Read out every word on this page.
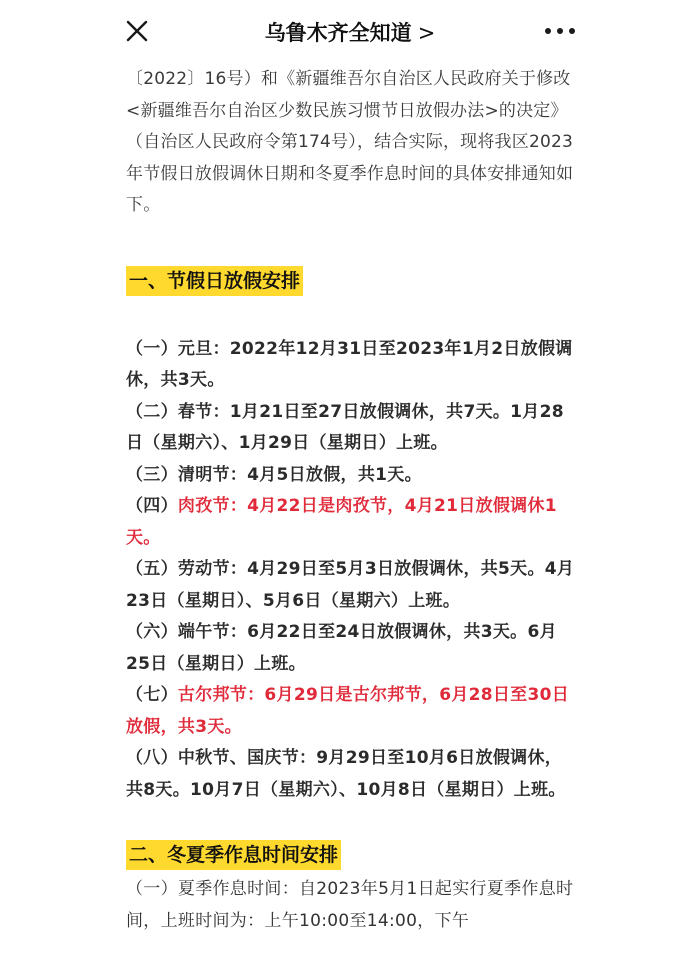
乌鲁木齐全知道 >

〔2022〕16号）和《新疆维吾尔自治区人民政府关于修改<新疆维吾尔自治区少数民族习惯节日放假办法>的决定》（自治区人民政府令第174号），结合实际，现将我区2023年节假日放假调休日期和冬夏季作息时间的具体安排通知如下。

一、节假日放假安排

（一）元旦：2022年12月31日至2023年1月2日放假调休，共3天。

（二）春节：1月21日至27日放假调休，共7天。1月28日（星期六）、1月29日（星期日）上班。

（三）清明节：4月5日放假，共1天。

（四）肉孜节：4月22日是肉孜节，4月21日放假调休1天。

（五）劳动节：4月29日至5月3日放假调休，共5天。4月23日（星期日）、5月6日（星期六）上班。

（六）端午节：6月22日至24日放假调休，共3天。6月25日（星期日）上班。

（七）古尔邦节：6月29日是古尔邦节，6月28日至30日放假，共3天。

（八）中秋节、国庆节：9月29日至10月6日放假调休，共8天。10月7日（星期六）、10月8日（星期日）上班。

二、冬夏季作息时间安排

（一）夏季作息时间：自2023年5月1日起实行夏季作息时间，上班时间为：上午10:00至14:00，下午
